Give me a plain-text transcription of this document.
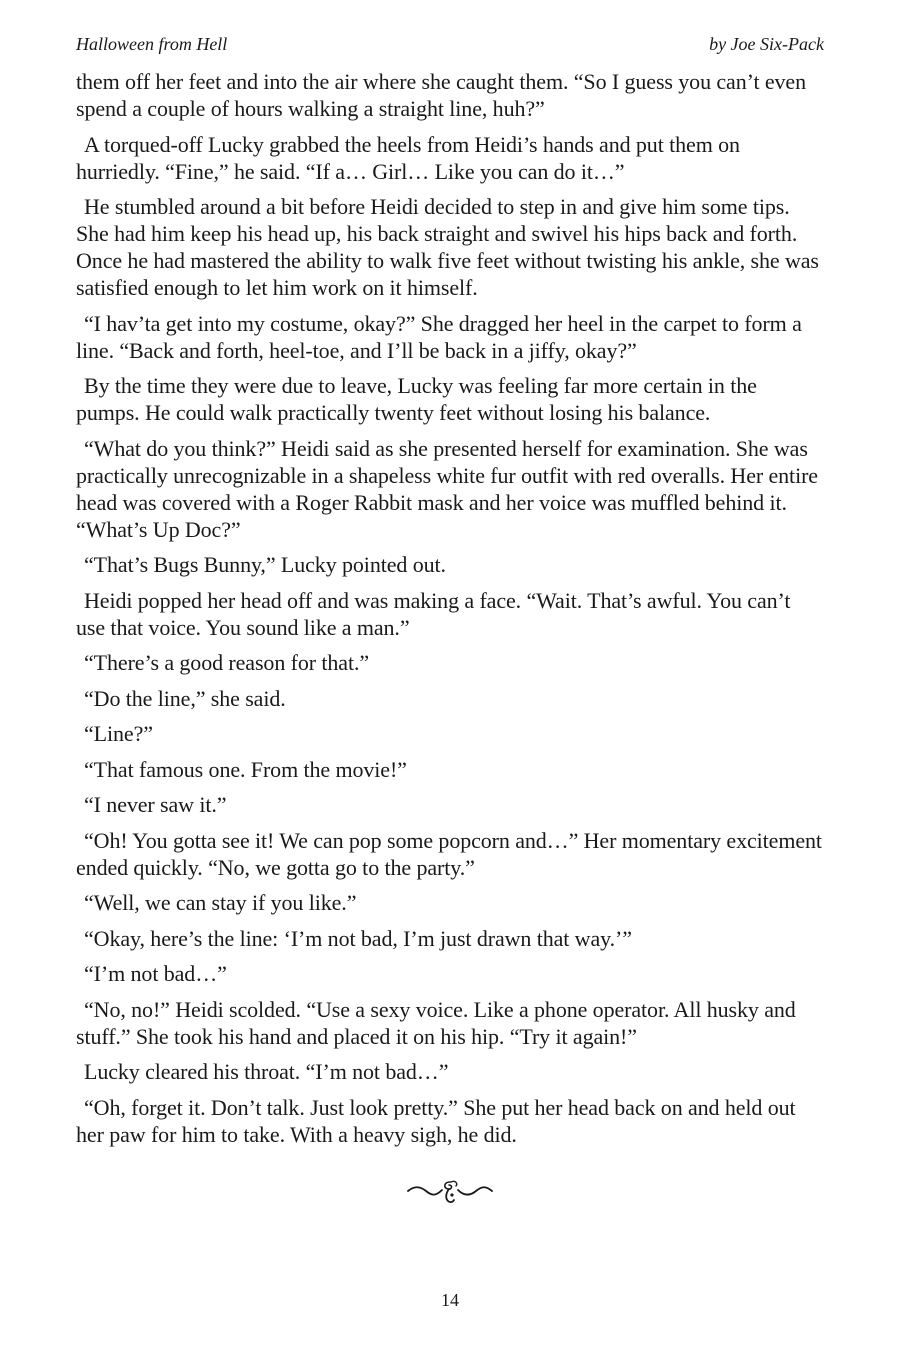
Halloween from Hell	by Joe Six-Pack

them off her feet and into the air where she caught them. “So I guess you can’t even spend a couple of hours walking a straight line, huh?”

A torqued-off Lucky grabbed the heels from Heidi’s hands and put them on hurriedly. “Fine,” he said. “If a… Girl… Like you can do it…”

He stumbled around a bit before Heidi decided to step in and give him some tips. She had him keep his head up, his back straight and swivel his hips back and forth. Once he had mastered the ability to walk five feet without twisting his ankle, she was satisfied enough to let him work on it himself.

“I hav’ta get into my costume, okay?” She dragged her heel in the carpet to form a line. “Back and forth, heel-toe, and I’ll be back in a jiffy, okay?”

By the time they were due to leave, Lucky was feeling far more certain in the pumps. He could walk practically twenty feet without losing his balance.

“What do you think?” Heidi said as she presented herself for examination. She was practically unrecognizable in a shapeless white fur outfit with red overalls. Her entire head was covered with a Roger Rabbit mask and her voice was muffled behind it. “What’s Up Doc?”

“That’s Bugs Bunny,” Lucky pointed out.

Heidi popped her head off and was making a face. “Wait. That’s awful. You can’t use that voice. You sound like a man.”

“There’s a good reason for that.”

“Do the line,” she said.

“Line?”

“That famous one. From the movie!”

“I never saw it.”

“Oh! You gotta see it! We can pop some popcorn and…” Her momentary excitement ended quickly. “No, we gotta go to the party.”

“Well, we can stay if you like.”

“Okay, here’s the line: ‘I’m not bad, I’m just drawn that way.’”

“I’m not bad…”

“No, no!” Heidi scolded. “Use a sexy voice. Like a phone operator. All husky and stuff.” She took his hand and placed it on his hip. “Try it again!”

Lucky cleared his throat. “I’m not bad…”

“Oh, forget it. Don’t talk. Just look pretty.” She put her head back on and held out her paw for him to take. With a heavy sigh, he did.

14
